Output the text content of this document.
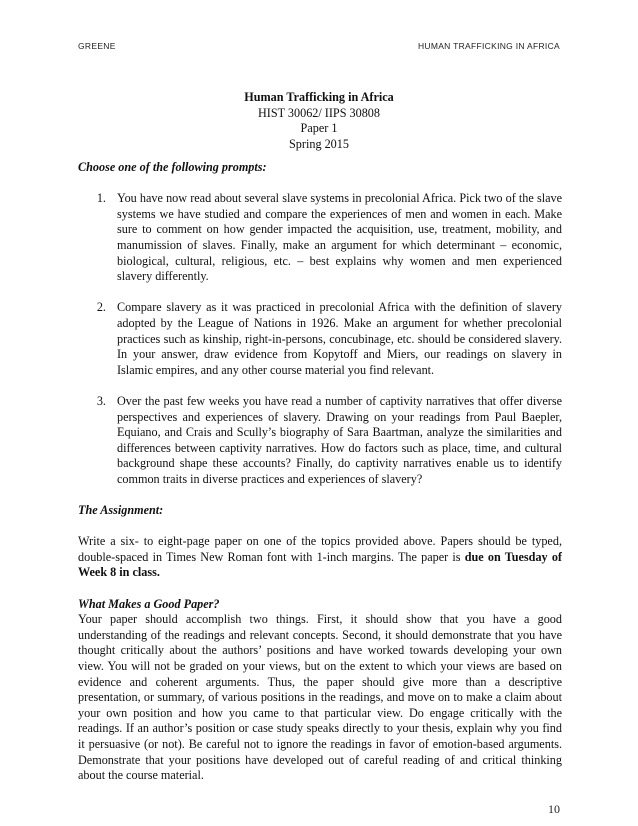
GREENE	HUMAN TRAFFICKING IN AFRICA
Human Trafficking in Africa
HIST 30062/ IIPS 30808
Paper 1
Spring 2015
Choose one of the following prompts:
1. You have now read about several slave systems in precolonial Africa. Pick two of the slave systems we have studied and compare the experiences of men and women in each. Make sure to comment on how gender impacted the acquisition, use, treatment, mobility, and manumission of slaves. Finally, make an argument for which determinant – economic, biological, cultural, religious, etc. – best explains why women and men experienced slavery differently.
2. Compare slavery as it was practiced in precolonial Africa with the definition of slavery adopted by the League of Nations in 1926. Make an argument for whether precolonial practices such as kinship, right-in-persons, concubinage, etc. should be considered slavery. In your answer, draw evidence from Kopytoff and Miers, our readings on slavery in Islamic empires, and any other course material you find relevant.
3. Over the past few weeks you have read a number of captivity narratives that offer diverse perspectives and experiences of slavery. Drawing on your readings from Paul Baepler, Equiano, and Crais and Scully’s biography of Sara Baartman, analyze the similarities and differences between captivity narratives. How do factors such as place, time, and cultural background shape these accounts? Finally, do captivity narratives enable us to identify common traits in diverse practices and experiences of slavery?
The Assignment:
Write a six- to eight-page paper on one of the topics provided above. Papers should be typed, double-spaced in Times New Roman font with 1-inch margins. The paper is due on Tuesday of Week 8 in class.
What Makes a Good Paper?
Your paper should accomplish two things. First, it should show that you have a good understanding of the readings and relevant concepts. Second, it should demonstrate that you have thought critically about the authors’ positions and have worked towards developing your own view. You will not be graded on your views, but on the extent to which your views are based on evidence and coherent arguments. Thus, the paper should give more than a descriptive presentation, or summary, of various positions in the readings, and move on to make a claim about your own position and how you came to that particular view. Do engage critically with the readings. If an author’s position or case study speaks directly to your thesis, explain why you find it persuasive (or not). Be careful not to ignore the readings in favor of emotion-based arguments. Demonstrate that your positions have developed out of careful reading of and critical thinking about the course material.
10
